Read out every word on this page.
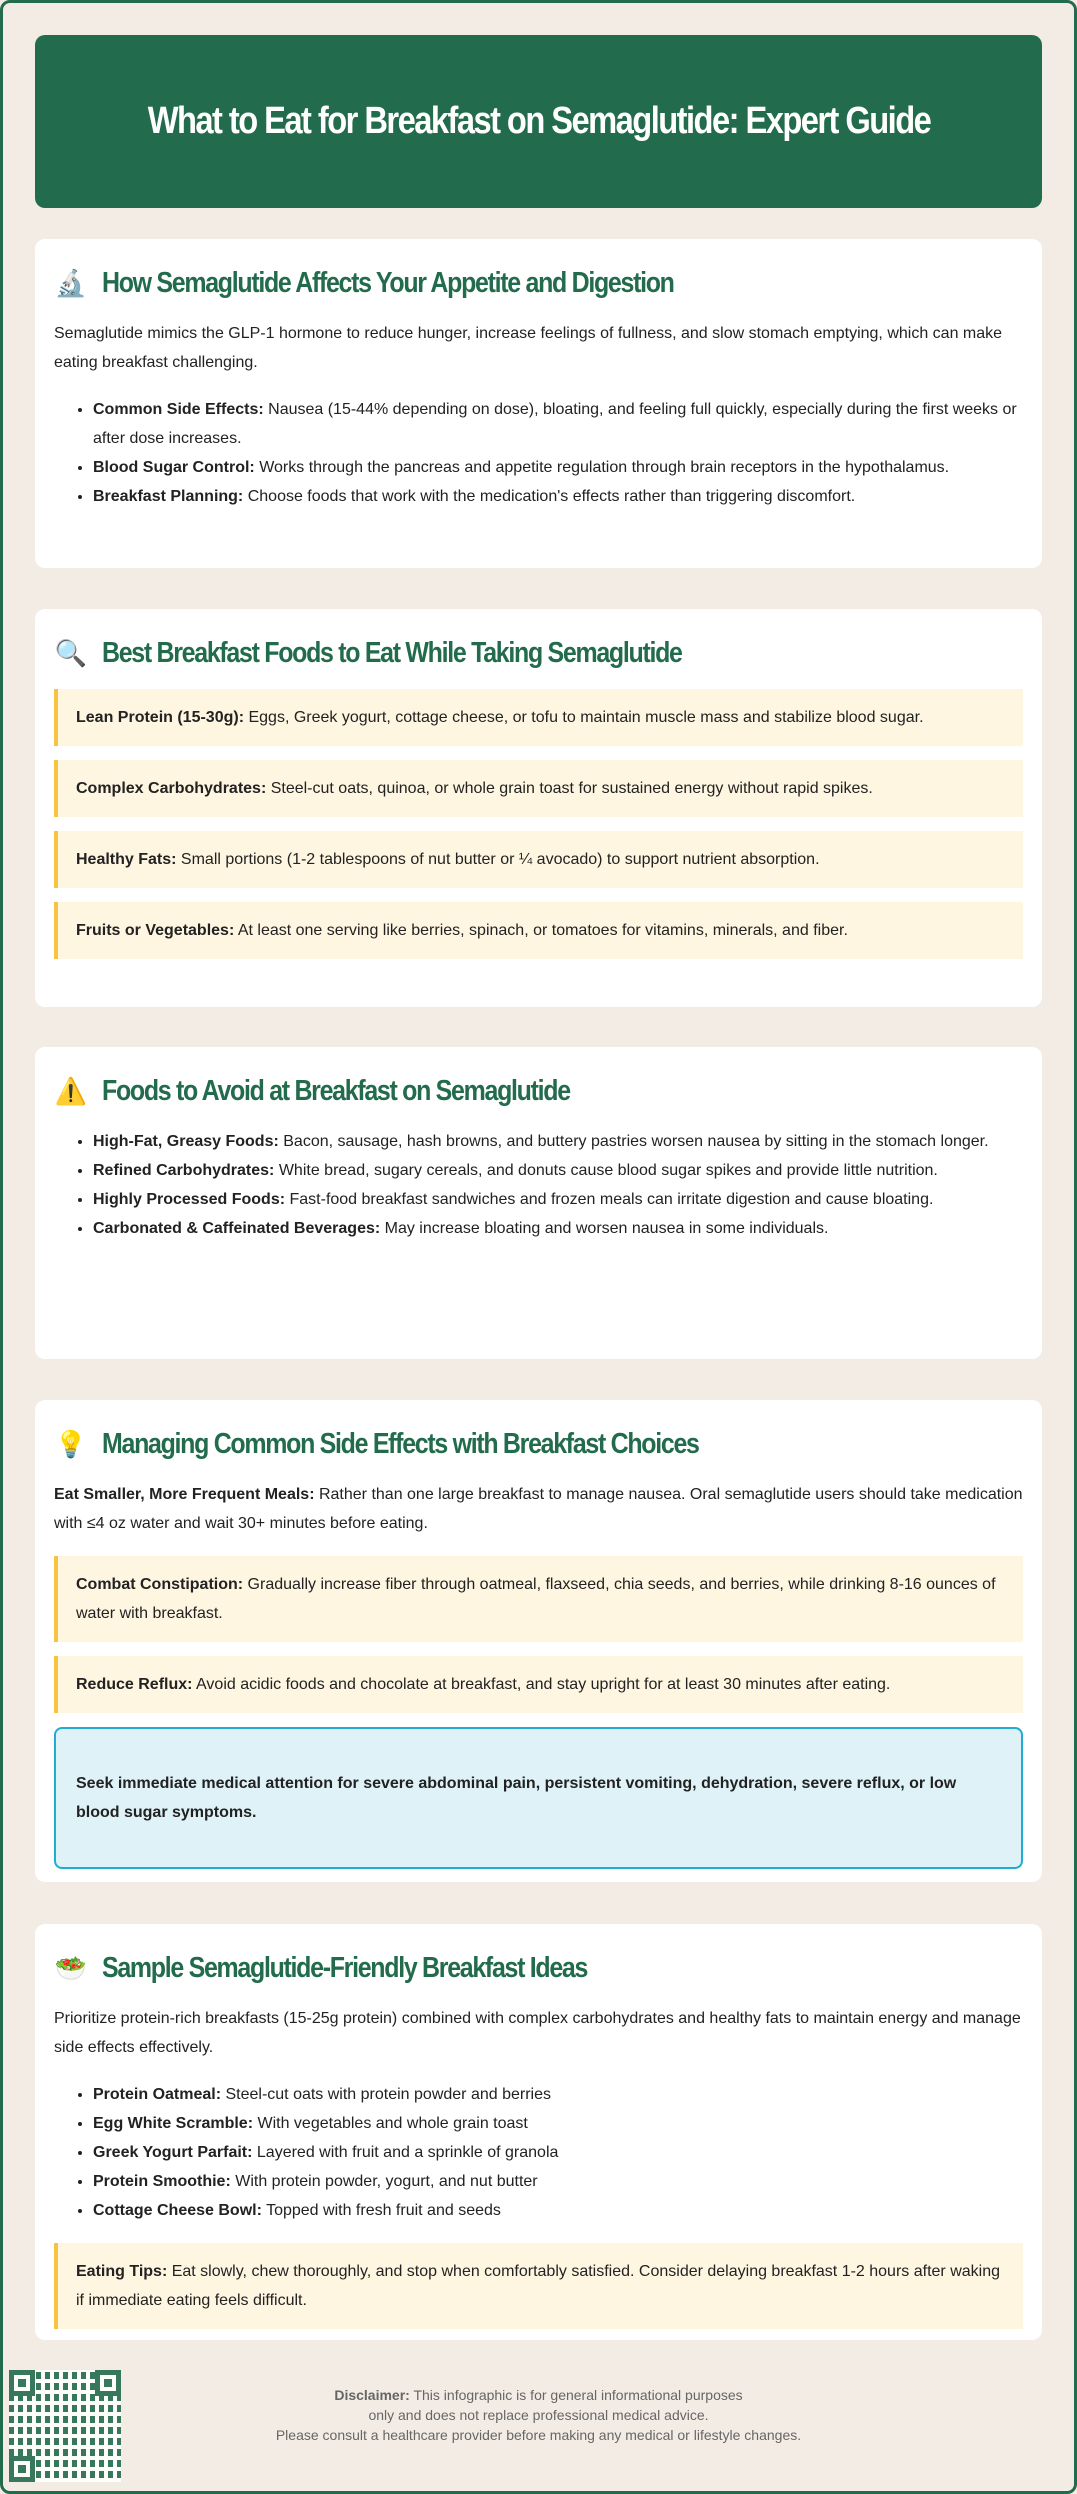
What to Eat for Breakfast on Semaglutide: Expert Guide
🔬 How Semaglutide Affects Your Appetite and Digestion

Semaglutide mimics the GLP-1 hormone to reduce hunger, increase feelings of fullness, and slow stomach emptying, which can make eating breakfast challenging.

• Common Side Effects: Nausea (15-44% depending on dose), bloating, and feeling full quickly, especially during the first weeks or after dose increases.
• Blood Sugar Control: Works through the pancreas and appetite regulation through brain receptors in the hypothalamus.
• Breakfast Planning: Choose foods that work with the medication's effects rather than triggering discomfort.
🔍 Best Breakfast Foods to Eat While Taking Semaglutide
Lean Protein (15-30g): Eggs, Greek yogurt, cottage cheese, or tofu to maintain muscle mass and stabilize blood sugar.
Complex Carbohydrates: Steel-cut oats, quinoa, or whole grain toast for sustained energy without rapid spikes.
Healthy Fats: Small portions (1-2 tablespoons of nut butter or ¼ avocado) to support nutrient absorption.
Fruits or Vegetables: At least one serving like berries, spinach, or tomatoes for vitamins, minerals, and fiber.
⚠️ Foods to Avoid at Breakfast on Semaglutide
• High-Fat, Greasy Foods: Bacon, sausage, hash browns, and buttery pastries worsen nausea by sitting in the stomach longer.
• Refined Carbohydrates: White bread, sugary cereals, and donuts cause blood sugar spikes and provide little nutrition.
• Highly Processed Foods: Fast-food breakfast sandwiches and frozen meals can irritate digestion and cause bloating.
• Carbonated & Caffeinated Beverages: May increase bloating and worsen nausea in some individuals.
💡 Managing Common Side Effects with Breakfast Choices

Eat Smaller, More Frequent Meals: Rather than one large breakfast to manage nausea. Oral semaglutide users should take medication with ≤4 oz water and wait 30+ minutes before eating.

Combat Constipation: Gradually increase fiber through oatmeal, flaxseed, chia seeds, and berries, while drinking 8-16 ounces of water with breakfast.
Reduce Reflux: Avoid acidic foods and chocolate at breakfast, and stay upright for at least 30 minutes after eating.
Seek immediate medical attention for severe abdominal pain, persistent vomiting, dehydration, severe reflux, or low blood sugar symptoms.
🥗 Sample Semaglutide-Friendly Breakfast Ideas

Prioritize protein-rich breakfasts (15-25g protein) combined with complex carbohydrates and healthy fats to maintain energy and manage side effects effectively.

• Protein Oatmeal: Steel-cut oats with protein powder and berries
• Egg White Scramble: With vegetables and whole grain toast
• Greek Yogurt Parfait: Layered with fruit and a sprinkle of granola
• Protein Smoothie: With protein powder, yogurt, and nut butter
• Cottage Cheese Bowl: Topped with fresh fruit and seeds
Eating Tips: Eat slowly, chew thoroughly, and stop when comfortably satisfied. Consider delaying breakfast 1-2 hours after waking if immediate eating feels difficult.
Disclaimer: This infographic is for general informational purposes
only and does not replace professional medical advice.
Please consult a healthcare provider before making any medical or lifestyle changes.
